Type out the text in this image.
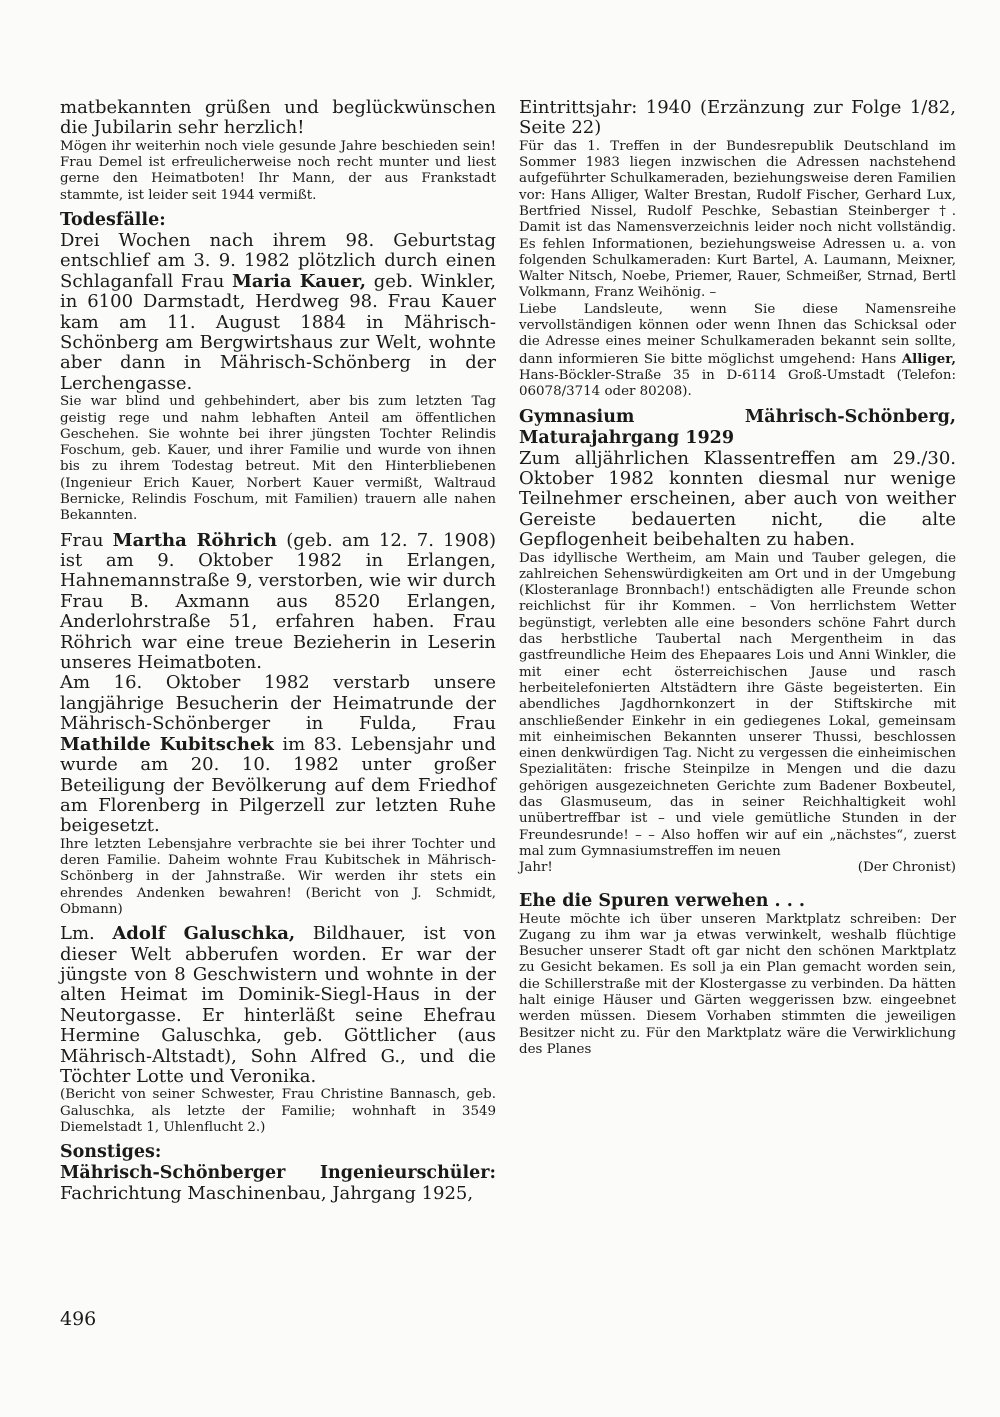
matbekannten grüßen und beglückwünschen die Jubilarin sehr herzlich!

Mögen ihr weiterhin noch viele gesunde Jahre beschieden sein! Frau Demel ist erfreulicherweise noch recht munter und liest gerne den Heimatboten! Ihr Mann, der aus Frankstadt stammte, ist leider seit 1944 vermißt.

Todesfälle:

Drei Wochen nach ihrem 98. Geburtstag entschlief am 3. 9. 1982 plötzlich durch einen Schlaganfall Frau Maria Kauer, geb. Winkler, in 6100 Darmstadt, Herdweg 98. Frau Kauer kam am 11. August 1884 in Mährisch-Schönberg am Bergwirtshaus zur Welt, wohnte aber dann in Mährisch-Schönberg in der Lerchengasse.

Sie war blind und gehbehindert, aber bis zum letzten Tag geistig rege und nahm lebhaften Anteil am öffentlichen Geschehen. Sie wohnte bei ihrer jüngsten Tochter Relindis Foschum, geb. Kauer, und ihrer Familie und wurde von ihnen bis zu ihrem Todestag betreut. Mit den Hinterbliebenen (Ingenieur Erich Kauer, Norbert Kauer vermißt, Waltraud Bernicke, Relindis Foschum, mit Familien) trauern alle nahen Bekannten.

Frau Martha Röhrich (geb. am 12. 7. 1908) ist am 9. Oktober 1982 in Erlangen, Hahnemannstraße 9, verstorben, wie wir durch Frau B. Axmann aus 8520 Erlangen, Anderlohrstraße 51, erfahren haben. Frau Röhrich war eine treue Bezieherin in Leserin unseres Heimatboten.

Am 16. Oktober 1982 verstarb unsere langjährige Besucherin der Heimatrunde der Mährisch-Schönberger in Fulda, Frau Mathilde Kubitschek im 83. Lebensjahr und wurde am 20. 10. 1982 unter großer Beteiligung der Bevölkerung auf dem Friedhof am Florenberg in Pilgerzell zur letzten Ruhe beigesetzt.

Ihre letzten Lebensjahre verbrachte sie bei ihrer Tochter und deren Familie. Daheim wohnte Frau Kubitschek in Mährisch-Schönberg in der Jahnstraße. Wir werden ihr stets ein ehrendes Andenken bewahren! (Bericht von J. Schmidt, Obmann)

Lm. Adolf Galuschka, Bildhauer, ist von dieser Welt abberufen worden. Er war der jüngste von 8 Geschwistern und wohnte in der alten Heimat im Dominik-Siegl-Haus in der Neutorgasse. Er hinterläßt seine Ehefrau Hermine Galuschka, geb. Göttlicher (aus Mährisch-Altstadt), Sohn Alfred G., und die Töchter Lotte und Veronika.

(Bericht von seiner Schwester, Frau Christine Bannasch, geb. Galuschka, als letzte der Familie; wohnhaft in 3549 Diemelstadt 1, Uhlenflucht 2.)

Sonstiges:

Mährisch-Schönberger Ingenieurschüler:

Fachrichtung Maschinenbau, Jahrgang 1925,

Eintrittsjahr: 1940 (Erzänzung zur Folge 1/82, Seite 22)

Für das 1. Treffen in der Bundesrepublik Deutschland im Sommer 1983 liegen inzwischen die Adressen nachstehend aufgeführter Schulkameraden, beziehungsweise deren Familien vor: Hans Alliger, Walter Brestan, Rudolf Fischer, Gerhard Lux, Bertfried Nissel, Rudolf Peschke, Sebastian Steinberger †. Damit ist das Namensverzeichnis leider noch nicht vollständig. Es fehlen Informationen, beziehungsweise Adressen u. a. von folgenden Schulkameraden: Kurt Bartel, A. Laumann, Meixner, Walter Nitsch, Noebe, Priemer, Rauer, Schmeißer, Strnad, Bertl Volkmann, Franz Weihönig. –

Liebe Landsleute, wenn Sie diese Namensreihe vervollständigen können oder wenn Ihnen das Schicksal oder die Adresse eines meiner Schulkameraden bekannt sein sollte, dann informieren Sie bitte möglichst umgehend: Hans Alliger, Hans-Böckler-Straße 35 in D-6114 Groß-Umstadt (Telefon: 06078/3714 oder 80208).

Gymnasium Mährisch-Schönberg, Maturajahrgang 1929

Zum alljährlichen Klassentreffen am 29./30. Oktober 1982 konnten diesmal nur wenige Teilnehmer erscheinen, aber auch von weither Gereiste bedauerten nicht, die alte Gepflogenheit beibehalten zu haben.

Das idyllische Wertheim, am Main und Tauber gelegen, die zahlreichen Sehenswürdigkeiten am Ort und in der Umgebung (Klosteranlage Bronnbach!) entschädigten alle Freunde schon reichlichst für ihr Kommen. – Von herrlichstem Wetter begünstigt, verlebten alle eine besonders schöne Fahrt durch das herbstliche Taubertal nach Mergentheim in das gastfreundliche Heim des Ehepaares Lois und Anni Winkler, die mit einer echt österreichischen Jause und rasch herbeitelefonierten Altstädtern ihre Gäste begeisterten. Ein abendliches Jagdhornkonzert in der Stiftskirche mit anschließender Einkehr in ein gediegenes Lokal, gemeinsam mit einheimischen Bekannten unserer Thussi, beschlossen einen denkwürdigen Tag. Nicht zu vergessen die einheimischen Spezialitäten: frische Steinpilze in Mengen und die dazu gehörigen ausgezeichneten Gerichte zum Badener Boxbeutel, das Glasmuseum, das in seiner Reichhaltigkeit wohl unübertreffbar ist – und viele gemütliche Stunden in der Freundesrunde! – – Also hoffen wir auf ein „nächstes“, zuerst mal zum Gymnasiumstreffen im neuen

Jahr!	(Der Chronist)

Ehe die Spuren verwehen . . .

Heute möchte ich über unseren Marktplatz schreiben: Der Zugang zu ihm war ja etwas verwinkelt, weshalb flüchtige Besucher unserer Stadt oft gar nicht den schönen Marktplatz zu Gesicht bekamen. Es soll ja ein Plan gemacht worden sein, die Schillerstraße mit der Klostergasse zu verbinden. Da hätten halt einige Häuser und Gärten weggerissen bzw. eingeebnet werden müssen. Diesem Vorhaben stimmten die jeweiligen Besitzer nicht zu. Für den Marktplatz wäre die Verwirklichung des Planes

496
